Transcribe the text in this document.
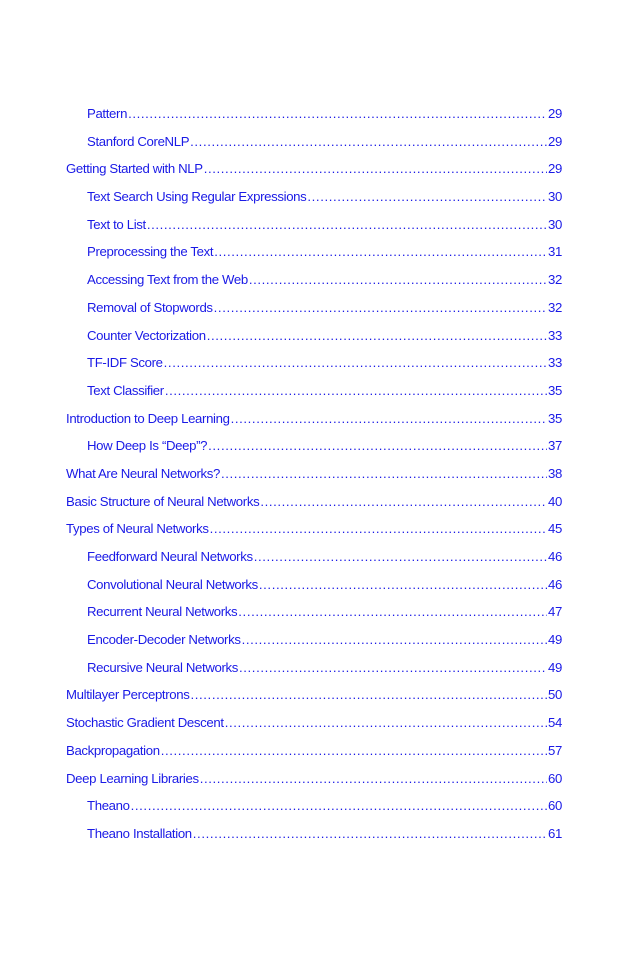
Pattern .....	29
Stanford CoreNLP .....	29
Getting Started with NLP .....	29
Text Search Using Regular Expressions .....	30
Text to List .....	30
Preprocessing the Text .....	31
Accessing Text from the Web .....	32
Removal of Stopwords .....	32
Counter Vectorization .....	33
TF-IDF Score .....	33
Text Classifier .....	35
Introduction to Deep Learning .....	35
How Deep Is “Deep”? .....	37
What Are Neural Networks? .....	38
Basic Structure of Neural Networks .....	40
Types of Neural Networks .....	45
Feedforward Neural Networks .....	46
Convolutional Neural Networks .....	46
Recurrent Neural Networks .....	47
Encoder-Decoder Networks .....	49
Recursive Neural Networks .....	49
Multilayer Perceptrons .....	50
Stochastic Gradient Descent .....	54
Backpropagation .....	57
Deep Learning Libraries .....	60
Theano .....	60
Theano Installation .....	61
